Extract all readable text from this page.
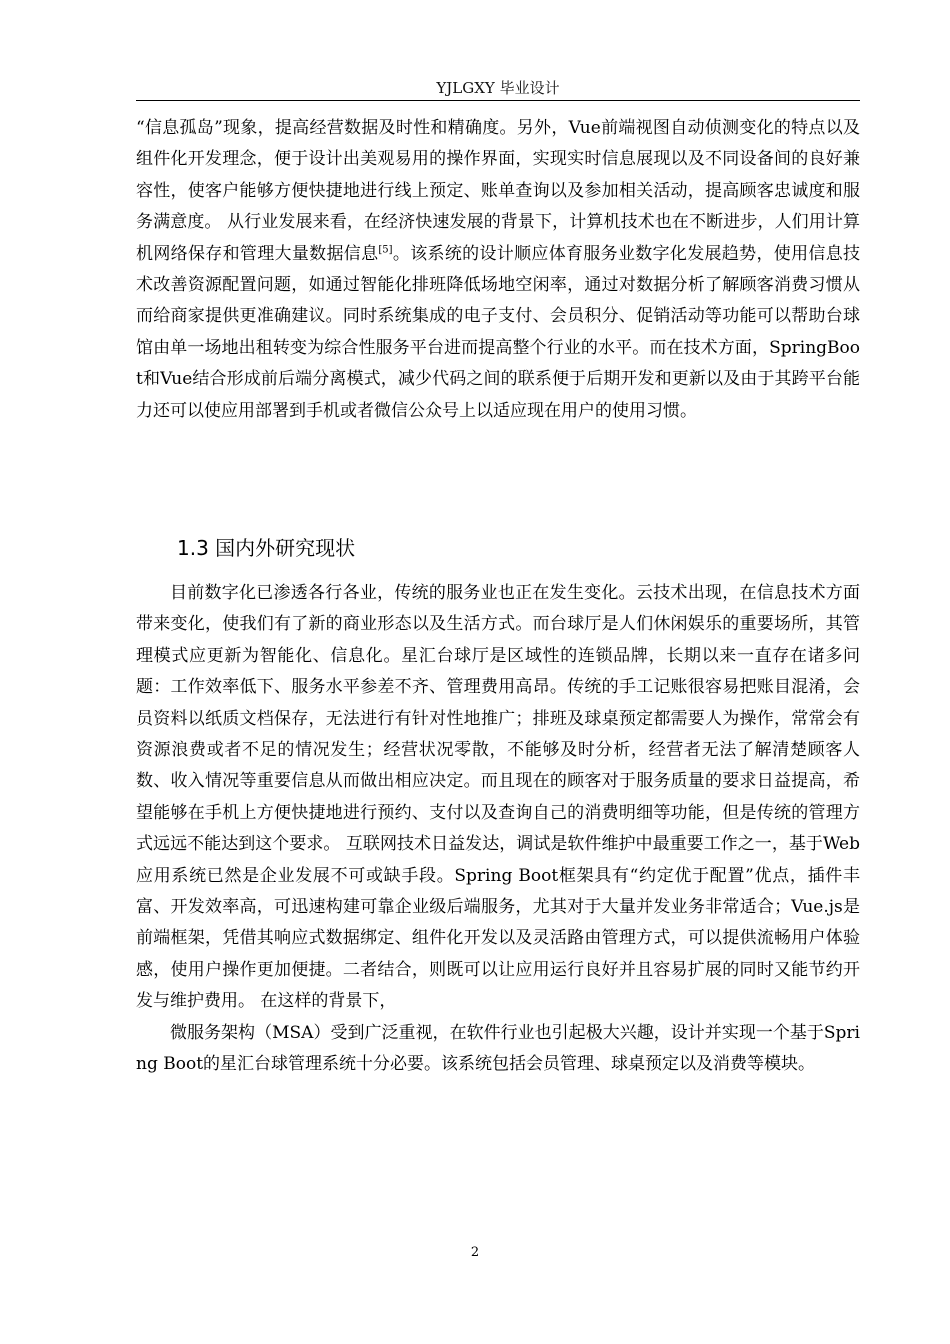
YJLGXY 毕业设计

“信息孤岛”现象，提高经营数据及时性和精确度。另外，Vue前端视图自动侦测变化的特点以及组件化开发理念，便于设计出美观易用的操作界面，实现实时信息展现以及不同设备间的良好兼容性，使客户能够方便快捷地进行线上预定、账单查询以及参加相关活动，提高顾客忠诚度和服务满意度。 从行业发展来看，在经济快速发展的背景下，计算机技术也在不断进步，人们用计算机网络保存和管理大量数据信息[5]。该系统的设计顺应体育服务业数字化发展趋势，使用信息技术改善资源配置问题，如通过智能化排班降低场地空闲率，通过对数据分析了解顾客消费习惯从而给商家提供更准确建议。同时系统集成的电子支付、会员积分、促销活动等功能可以帮助台球馆由单一场地出租转变为综合性服务平台进而提高整个行业的水平。而在技术方面，SpringBoot和Vue结合形成前后端分离模式，减少代码之间的联系便于后期开发和更新以及由于其跨平台能力还可以使应用部署到手机或者微信公众号上以适应现在用户的使用习惯。

1.3 国内外研究现状

目前数字化已渗透各行各业，传统的服务业也正在发生变化。云技术出现，在信息技术方面带来变化，使我们有了新的商业形态以及生活方式。而台球厅是人们休闲娱乐的重要场所，其管理模式应更新为智能化、信息化。星汇台球厅是区域性的连锁品牌，长期以来一直存在诸多问题：工作效率低下、服务水平参差不齐、管理费用高昂。传统的手工记账很容易把账目混淆，会员资料以纸质文档保存，无法进行有针对性地推广；排班及球桌预定都需要人为操作，常常会有资源浪费或者不足的情况发生；经营状况零散，不能够及时分析，经营者无法了解清楚顾客人数、收入情况等重要信息从而做出相应决定。而且现在的顾客对于服务质量的要求日益提高，希望能够在手机上方便快捷地进行预约、支付以及查询自己的消费明细等功能，但是传统的管理方式远远不能达到这个要求。 互联网技术日益发达，调试是软件维护中最重要工作之一，基于Web应用系统已然是企业发展不可或缺手段。Spring Boot框架具有“约定优于配置”优点，插件丰富、开发效率高，可迅速构建可靠企业级后端服务，尤其对于大量并发业务非常适合；Vue.js是前端框架，凭借其响应式数据绑定、组件化开发以及灵活路由管理方式，可以提供流畅用户体验感，使用户操作更加便捷。二者结合，则既可以让应用运行良好并且容易扩展的同时又能节约开发与维护费用。 在这样的背景下，
微服务架构（MSA）受到广泛重视，在软件行业也引起极大兴趣，设计并实现一个基于Spring Boot的星汇台球管理系统十分必要。该系统包括会员管理、球桌预定以及消费等模块。

2
